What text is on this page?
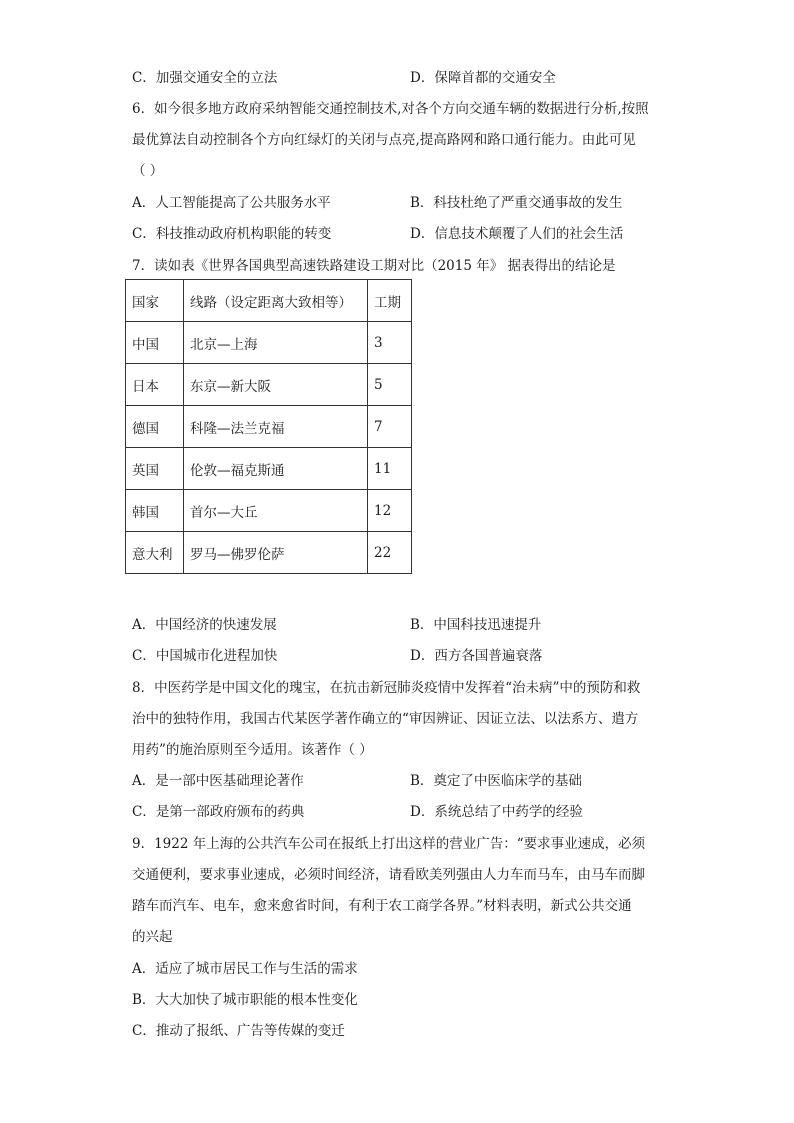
C．加强交通安全的立法	D．保障首都的交通安全
6．如今很多地方政府采纳智能交通控制技术,对各个方向交通车辆的数据进行分析,按照
最优算法自动控制各个方向红绿灯的关闭与点亮,提高路网和路口通行能力。由此可见
（ ）
A．人工智能提高了公共服务水平	B．科技杜绝了严重交通事故的发生
C．科技推动政府机构职能的转变	D．信息技术颠覆了人们的社会生活
7．读如表《世界各国典型高速铁路建设工期对比（2015 年》 据表得出的结论是
国家	线路（设定距离大致相等）	工期
中国	北京—上海	3
日本	东京—新大阪	5
德国	科隆—法兰克福	7
英国	伦敦—福克斯通	11
韩国	首尔—大丘	12
意大利	罗马—佛罗伦萨	22
A．中国经济的快速发展	B．中国科技迅速提升
C．中国城市化进程加快	D．西方各国普遍衰落
8．中医药学是中国文化的瑰宝，在抗击新冠肺炎疫情中发挥着“治未病”中的预防和救
治中的独特作用，我国古代某医学著作确立的“审因辨证、因证立法、以法系方、遣方
用药”的施治原则至今适用。该著作（ ）
A．是一部中医基础理论著作	B．奠定了中医临床学的基础
C．是第一部政府颁布的药典	D．系统总结了中药学的经验
9．1922 年上海的公共汽车公司在报纸上打出这样的营业广告：“要求事业速成，必须
交通便利，要求事业速成，必须时间经济，请看欧美列强由人力车而马车，由马车而脚
踏车而汽车、电车，愈来愈省时间，有利于农工商学各界。”材料表明，新式公共交通
的兴起
A．适应了城市居民工作与生活的需求
B．大大加快了城市职能的根本性变化
C．推动了报纸、广告等传媒的变迁
